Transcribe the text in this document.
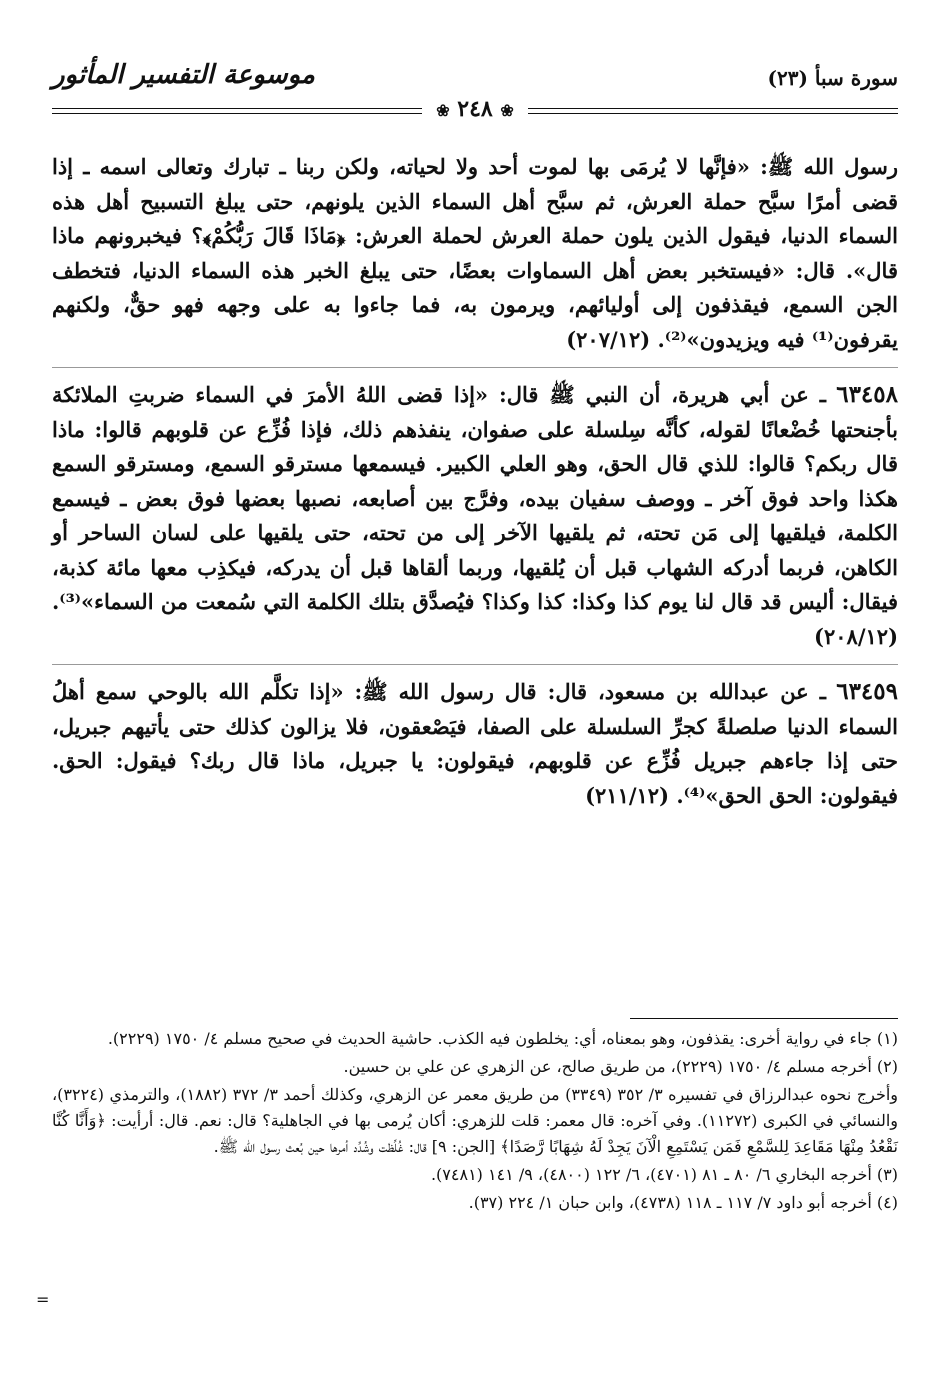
سورة سبأ (٢٣)
موسوعة التفسير المأثور
❀ ٢٤٨ ❀

رسول الله ﷺ: «فإنَّها لا يُرمَى بها لموت أحد ولا لحياته، ولكن ربنا ـ تبارك وتعالى اسمه ـ إذا قضى أمرًا سبَّح حملة العرش، ثم سبَّح أهل السماء الذين يلونهم، حتى يبلغ التسبيح أهل هذه السماء الدنيا، فيقول الذين يلون حملة العرش لحملة العرش: ﴿مَاذَا قَالَ رَبُّكُمْ﴾؟ فيخبرونهم ماذا قال». قال: «فيستخبر بعض أهل السماوات بعضًا، حتى يبلغ الخبر هذه السماء الدنيا، فتخطف الجن السمع، فيقذفون إلى أوليائهم، ويرمون به، فما جاءوا به على وجهه فهو حقٌّ، ولكنهم يقرفون⁽¹⁾ فيه ويزيدون»⁽²⁾. (٢٠٧/١٢)

٦٣٤٥٨ ـ عن أبي هريرة، أن النبي ﷺ قال: «إذا قضى اللهُ الأمرَ في السماء ضربتِ الملائكة بأجنحتها خُضْعانًا لقوله، كأنَّه سِلسلة على صفوان، ينفذهم ذلك، فإذا فُزِّع عن قلوبهم قالوا: ماذا قال ربكم؟ قالوا: للذي قال الحق، وهو العلي الكبير. فيسمعها مسترقو السمع، ومسترقو السمع هكذا واحد فوق آخر ـ ووصف سفيان بيده، وفرَّج بين أصابعه، نصبها بعضها فوق بعض ـ فيسمع الكلمة، فيلقيها إلى مَن تحته، ثم يلقيها الآخر إلى من تحته، حتى يلقيها على لسان الساحر أو الكاهن، فربما أدركه الشهاب قبل أن يُلقيها، وربما ألقاها قبل أن يدركه، فيكذِب معها مائة كذبة، فيقال: أليس قد قال لنا يوم كذا وكذا: كذا وكذا؟ فيُصدَّق بتلك الكلمة التي سُمعت من السماء»⁽³⁾. (٢٠٨/١٢)

٦٣٤٥٩ ـ عن عبدالله بن مسعود، قال: قال رسول الله ﷺ: «إذا تكلَّم الله بالوحي سمع أهلُ السماء الدنيا صلصلةً كجرِّ السلسلة على الصفا، فيَصْعقون، فلا يزالون كذلك حتى يأتيهم جبريل، حتى إذا جاءهم جبريل فُزِّع عن قلوبهم، فيقولون: يا جبريل، ماذا قال ربك؟ فيقول: الحق. فيقولون: الحق الحق»⁽⁴⁾. (٢١١/١٢)

(١) جاء في رواية أخرى: يقذفون، وهو بمعناه، أي: يخلطون فيه الكذب. حاشية الحديث في صحيح مسلم ٤/ ١٧٥٠ (٢٢٢٩).

(٢) أخرجه مسلم ٤/ ١٧٥٠ (٢٢٢٩)، من طريق صالح، عن الزهري عن علي بن حسين.

وأخرج نحوه عبدالرزاق في تفسيره ٣/ ٣٥٢ (٣٣٤٩) من طريق معمر عن الزهري، وكذلك أحمد ٣/ ٣٧٢ (١٨٨٢)، والترمذي (٣٢٢٤)، والنسائي في الكبرى (١١٢٧٢). وفي آخره: قال معمر: قلت للزهري: أكان يُرمى بها في الجاهلية؟ قال: نعم. قال: أرأيت: ﴿وَأَنَّا كُنَّا نَقْعُدُ مِنْهَا مَقَاعِدَ لِلسَّمْعِ فَمَن يَسْتَمِعِ الْآنَ يَجِدْ لَهُ شِهَابًا رَّصَدًا﴾ [الجن: ٩] قال: غُلِّظت وشُدِّد أمرها حين بُعث رسول الله ﷺ.

(٣) أخرجه البخاري ٦/ ٨٠ ـ ٨١ (٤٧٠١)، ٦/ ١٢٢ (٤٨٠٠)، ٩/ ١٤١ (٧٤٨١).

(٤) أخرجه أبو داود ٧/ ١١٧ ـ ١١٨ (٤٧٣٨)، وابن حبان ١/ ٢٢٤ (٣٧).

=
